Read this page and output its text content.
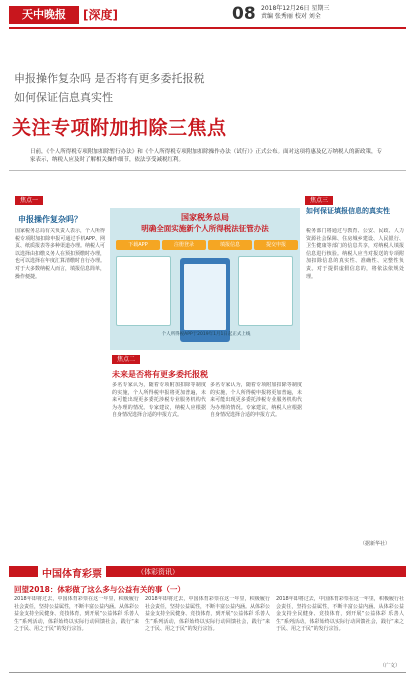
天中晚报	[深度]	08 2018年12月26日 星期三
责编 张秀丽 校对 刘全
申报操作复杂吗 是否将有更多委托报税
如何保证信息真实性
关注专项附加扣除三焦点
日前，《个人所得税专项附加扣除暂行办法》和《个人所得税专项附加扣除操作办法（试行）》正式公布。面对这项将惠及亿万纳税人的新政策，专家表示，纳税人应及时了解相关操作细节，依法享受减税红利。
焦点一
申报操作复杂吗？
国家税务总局有关负责人表示，个人所得税专项附加扣除申报可通过手机APP、网页、纸质报表等多种渠道办理。纳税人可以选择由扣缴义务人在预扣预缴时办理，也可以选择在年度汇算清缴时自行办理。对于大多数纳税人而言，填报信息简单，操作便捷。
国家税务总局
明确全面实施新个人所得税法征管办法
下载APP	注册登录	填报信息	提交申报
个人所得税APP于2019年1月1日起正式上线
焦点二
未来是否将有更多委托报税
多名专家认为，随着专项附加扣除等制度的实施，个人所得税申报将更加普遍，未来可能出现更多委托涉税专业服务机构代为办理的情况。专家建议，纳税人应根据自身情况选择合适的申报方式。
多名专家认为，随着专项附加扣除等制度的实施，个人所得税申报将更加普遍，未来可能出现更多委托涉税专业服务机构代为办理的情况。专家建议，纳税人应根据自身情况选择合适的申报方式。
焦点三
如何保证填报信息的真实性
税务部门将通过与教育、公安、民政、人力资源社会保障、住房城乡建设、人民银行、卫生健康等部门的信息共享，对纳税人填报信息进行核验。纳税人应当对报送的专项附加扣除信息的真实性、准确性、完整性负责。对于提供虚假信息的，将依法依规处理。
（据新华社）
中国体育彩票	（体彩资讯）
回望2018：体彩做了这么多与公益有关的事（一）
2018年即将过去，中国体育彩票在这一年里，积极履行社会责任，坚持公益属性，不断丰富公益内涵。从体彩公益金支持全民健身、竞技体育，到开展“公益体彩 乐善人生”系列活动，体彩始终以实际行动回馈社会，践行“来之于民、用之于民”的发行宗旨。
2018年即将过去，中国体育彩票在这一年里，积极履行社会责任，坚持公益属性，不断丰富公益内涵。从体彩公益金支持全民健身、竞技体育，到开展“公益体彩 乐善人生”系列活动，体彩始终以实际行动回馈社会，践行“来之于民、用之于民”的发行宗旨。
2018年即将过去，中国体育彩票在这一年里，积极履行社会责任，坚持公益属性，不断丰富公益内涵。从体彩公益金支持全民健身、竞技体育，到开展“公益体彩 乐善人生”系列活动，体彩始终以实际行动回馈社会，践行“来之于民、用之于民”的发行宗旨。
（广文）
